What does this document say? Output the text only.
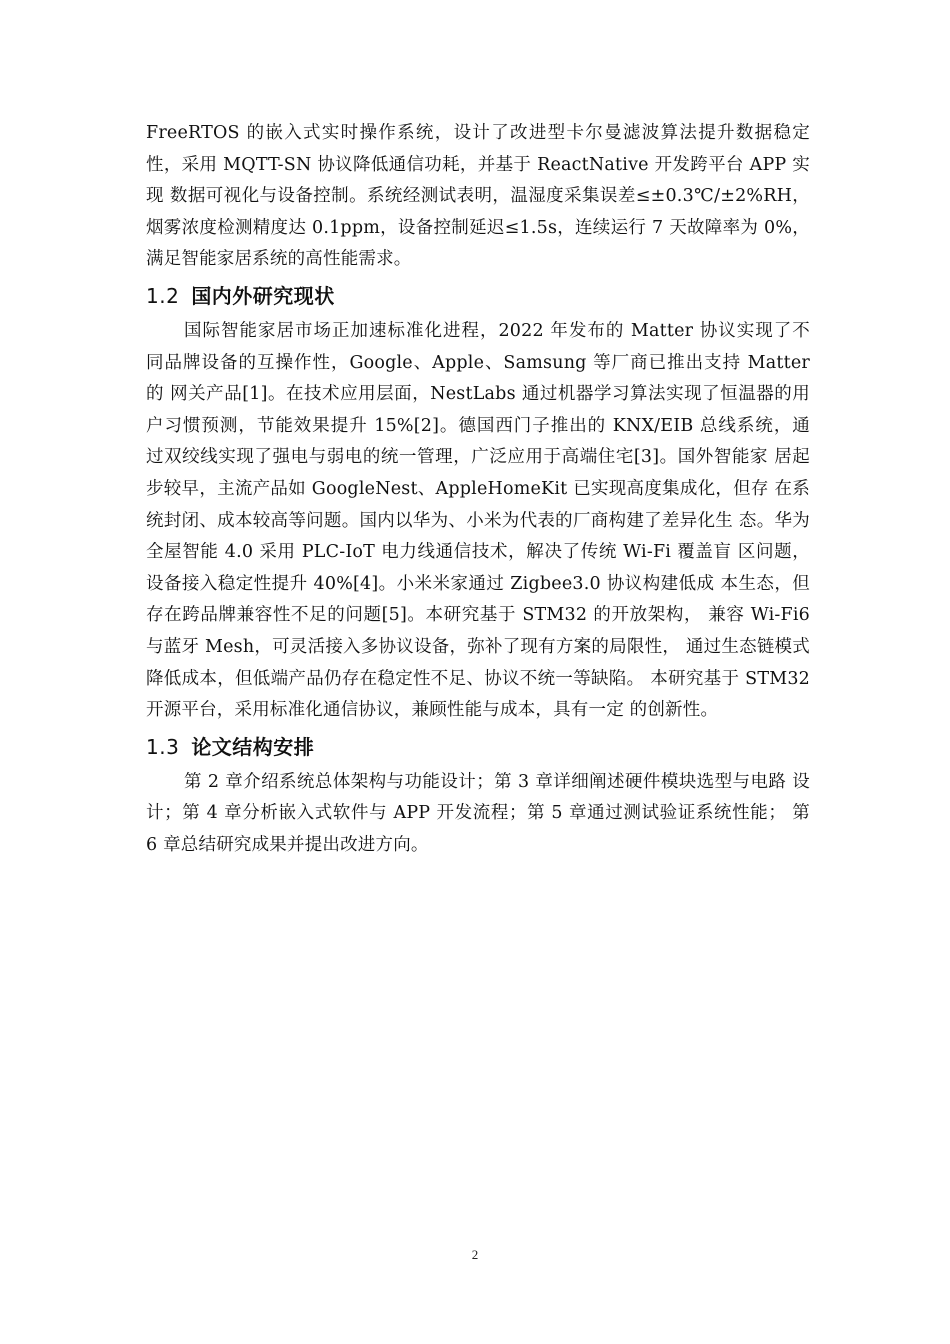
FreeRTOS 的嵌入式实时操作系统，设计了改进型卡尔曼滤波算法提升数据稳定性，采用 MQTT-SN 协议降低通信功耗，并基于 ReactNative 开发跨平台 APP 实现 数据可视化与设备控制。系统经测试表明，温湿度采集误差≤±0.3℃/±2%RH， 烟雾浓度检测精度达 0.1ppm，设备控制延迟≤1.5s，连续运行 7 天故障率为 0%， 满足智能家居系统的高性能需求。

1.2 国内外研究现状

国际智能家居市场正加速标准化进程，2022 年发布的 Matter 协议实现了不 同品牌设备的互操作性，Google、Apple、Samsung 等厂商已推出支持 Matter 的 网关产品[1]。在技术应用层面，NestLabs 通过机器学习算法实现了恒温器的用 户习惯预测，节能效果提升 15%[2]。德国西门子推出的 KNX/EIB 总线系统，通 过双绞线实现了强电与弱电的统一管理，广泛应用于高端住宅[3]。国外智能家 居起步较早，主流产品如 GoogleNest、AppleHomeKit 已实现高度集成化，但存 在系统封闭、成本较高等问题。国内以华为、小米为代表的厂商构建了差异化生 态。华为全屋智能 4.0 采用 PLC-IoT 电力线通信技术，解决了传统 Wi-Fi 覆盖盲 区问题，设备接入稳定性提升 40%[4]。小米米家通过 Zigbee3.0 协议构建低成 本生态，但存在跨品牌兼容性不足的问题[5]。本研究基于 STM32 的开放架构， 兼容 Wi-Fi6 与蓝牙 Mesh，可灵活接入多协议设备，弥补了现有方案的局限性， 通过生态链模式降低成本，但低端产品仍存在稳定性不足、协议不统一等缺陷。 本研究基于 STM32 开源平台，采用标准化通信协议，兼顾性能与成本，具有一定 的创新性。

1.3 论文结构安排

第 2 章介绍系统总体架构与功能设计；第 3 章详细阐述硬件模块选型与电路 设计；第 4 章分析嵌入式软件与 APP 开发流程；第 5 章通过测试验证系统性能； 第 6 章总结研究成果并提出改进方向。

2
